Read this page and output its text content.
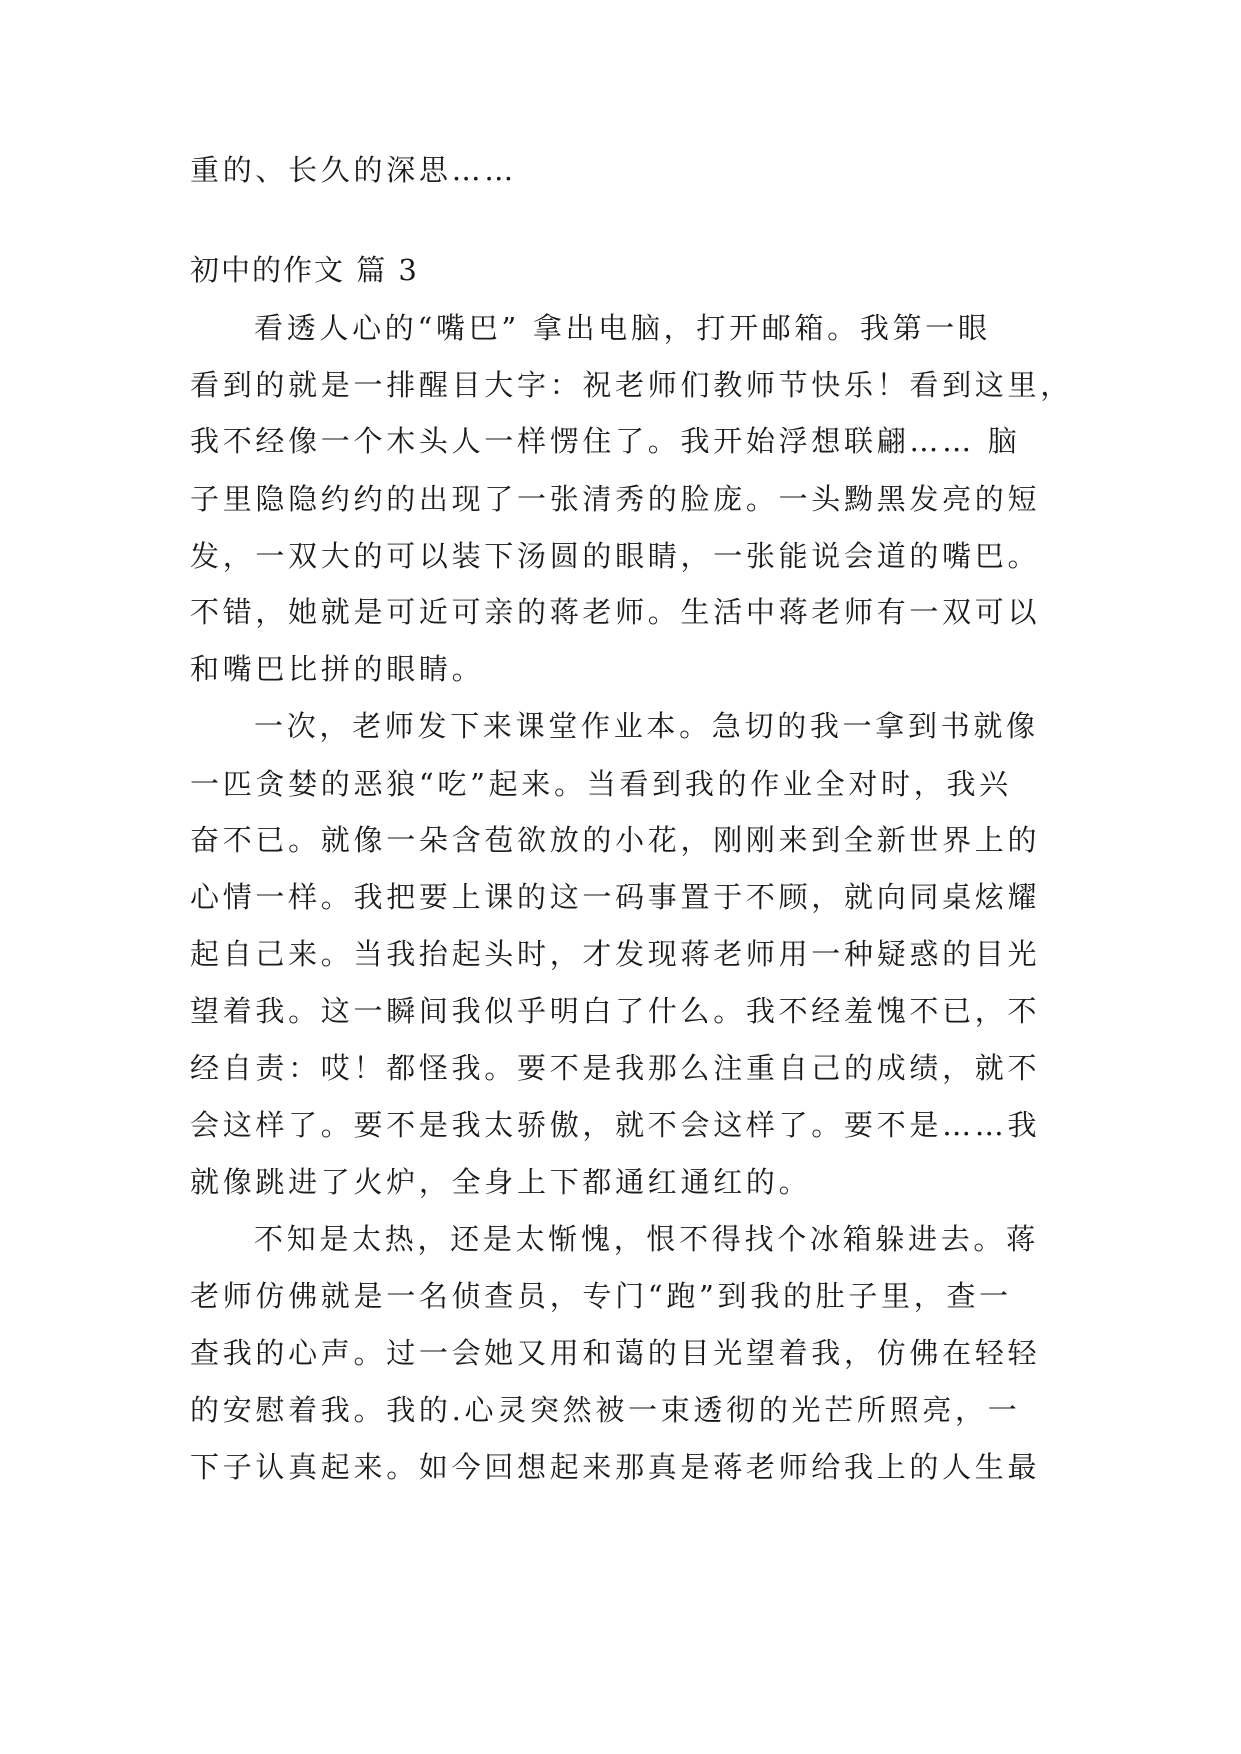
重的、长久的深思……
初中的作文 篇 3
看透人心的“嘴巴” 拿出电脑，打开邮箱。我第一眼
看到的就是一排醒目大字：祝老师们教师节快乐！看到这里，
我不经像一个木头人一样愣住了。我开始浮想联翩…… 脑
子里隐隐约约的出现了一张清秀的脸庞。一头黝黑发亮的短
发，一双大的可以装下汤圆的眼睛，一张能说会道的嘴巴。
不错，她就是可近可亲的蒋老师。生活中蒋老师有一双可以
和嘴巴比拼的眼睛。
一次，老师发下来课堂作业本。急切的我一拿到书就像
一匹贪婪的恶狼“吃”起来。当看到我的作业全对时，我兴
奋不已。就像一朵含苞欲放的小花，刚刚来到全新世界上的
心情一样。我把要上课的这一码事置于不顾，就向同桌炫耀
起自己来。当我抬起头时，才发现蒋老师用一种疑惑的目光
望着我。这一瞬间我似乎明白了什么。我不经羞愧不已，不
经自责：哎！都怪我。要不是我那么注重自己的成绩，就不
会这样了。要不是我太骄傲，就不会这样了。要不是……我
就像跳进了火炉，全身上下都通红通红的。
不知是太热，还是太惭愧，恨不得找个冰箱躲进去。蒋
老师仿佛就是一名侦查员，专门“跑”到我的肚子里，查一
查我的心声。过一会她又用和蔼的目光望着我，仿佛在轻轻
的安慰着我。我的.心灵突然被一束透彻的光芒所照亮，一
下子认真起来。如今回想起来那真是蒋老师给我上的人生最
